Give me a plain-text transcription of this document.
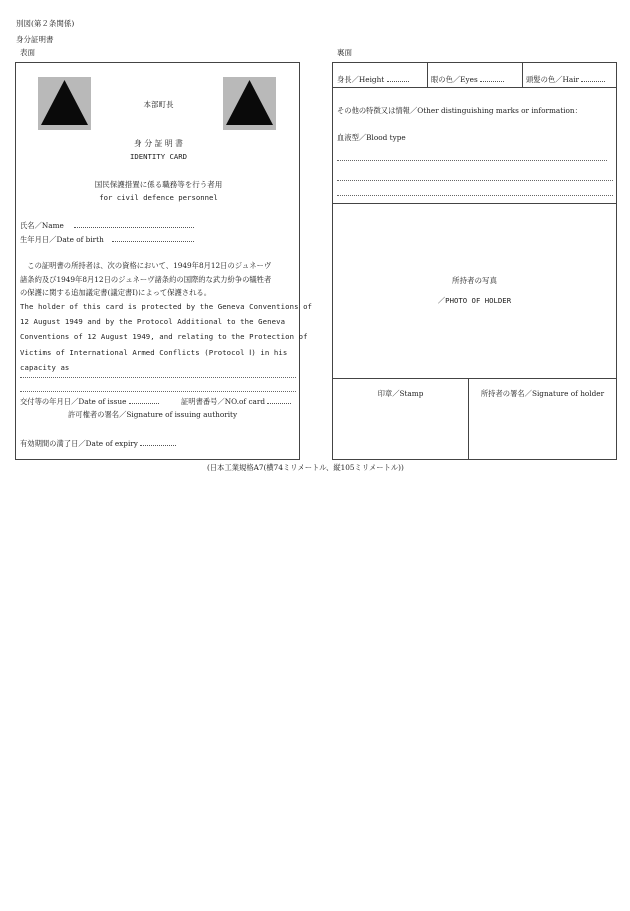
別図(第２条関係)
身分証明書
表面	裏面
本部町長
身 分 証 明 書
IDENTITY CARD
国民保護措置に係る職務等を行う者用
for civil defence personnel
氏名／Name
生年月日／Date of birth
　この証明書の所持者は、次の資格において、1949年8月12日のジュネーヴ
諸条約及び1949年8月12日のジュネーヴ諸条約の国際的な武力紛争の犠牲者
の保護に関する追加議定書(議定書Ⅰ)によって保護される。
The holder of this card is protected by the Geneva Conventions of
12 August 1949 and by the Protocol Additional to the Geneva
Conventions of 12 August 1949, and relating to the Protection of
Victims of International Armed Conflicts (Protocol Ⅰ) in his
capacity as
交付等の年月日／Date of issue	証明書番号／NO.of card
許可権者の署名／Signature of issuing authority
有効期間の満了日／Date of expiry
身長／Height	眼の色／Eyes	頭髪の色／Hair
その他の特徴又は情報／Other distinguishing marks or information：
血液型／Blood type
所持者の写真
／PHOTO OF HOLDER
印章／Stamp	所持者の署名／Signature of holder
(日本工業規格A7(横74ミリメートル、縦105ミリメートル))
